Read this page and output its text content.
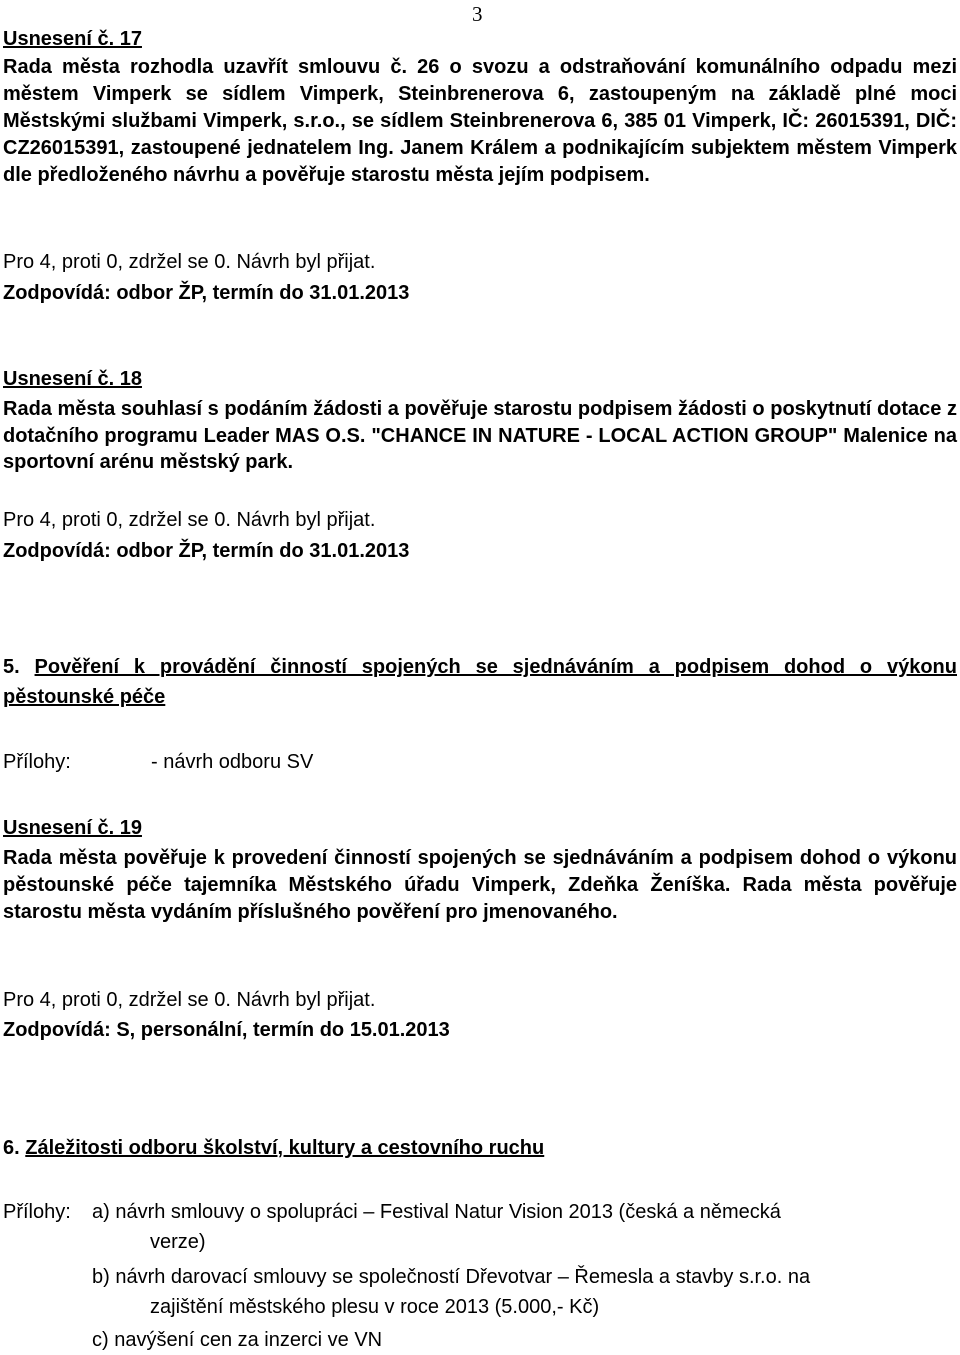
3
Usnesení č. 17

Rada města rozhodla uzavřít smlouvu č. 26 o svozu a odstraňování komunálního odpadu mezi městem Vimperk se sídlem Vimperk, Steinbrenerova 6, zastoupeným na základě plné moci Městskými službami Vimperk, s.r.o., se sídlem Steinbrenerova 6, 385 01 Vimperk, IČ: 26015391, DIČ: CZ26015391, zastoupené jednatelem Ing. Janem Králem a podnikajícím subjektem městem Vimperk dle předloženého návrhu a pověřuje starostu města jejím podpisem.

Pro 4, proti 0, zdržel se 0. Návrh byl přijat.
Zodpovídá: odbor ŽP, termín do 31.01.2013
Usnesení č. 18

Rada města souhlasí s podáním žádosti a pověřuje starostu podpisem žádosti o poskytnutí dotace z dotačního programu Leader MAS O.S. "CHANCE IN NATURE - LOCAL ACTION GROUP" Malenice na sportovní arénu městský park.

Pro 4, proti 0, zdržel se 0. Návrh byl přijat.
Zodpovídá: odbor ŽP, termín do 31.01.2013
5. Pověření k provádění činností spojených se sjednáváním a podpisem dohod o výkonu pěstounské péče
Přílohy:	- návrh odboru SV
Usnesení č. 19

Rada města pověřuje k provedení činností spojených se sjednáváním a podpisem dohod o výkonu pěstounské péče tajemníka Městského úřadu Vimperk, Zdeňka Ženíška. Rada města pověřuje starostu města vydáním příslušného pověření pro jmenovaného.

Pro 4, proti 0, zdržel se 0. Návrh byl přijat.
Zodpovídá: S, personální, termín do 15.01.2013
6. Záležitosti odboru školství, kultury a cestovního ruchu
Přílohy:	a) návrh smlouvy o spolupráci – Festival Natur Vision 2013 (česká a německá
verze)
b) návrh darovací smlouvy se společností Dřevotvar – Řemesla a stavby s.r.o. na
zajištění městského plesu v roce 2013 (5.000,- Kč)
c) navýšení cen za inzerci ve VN
